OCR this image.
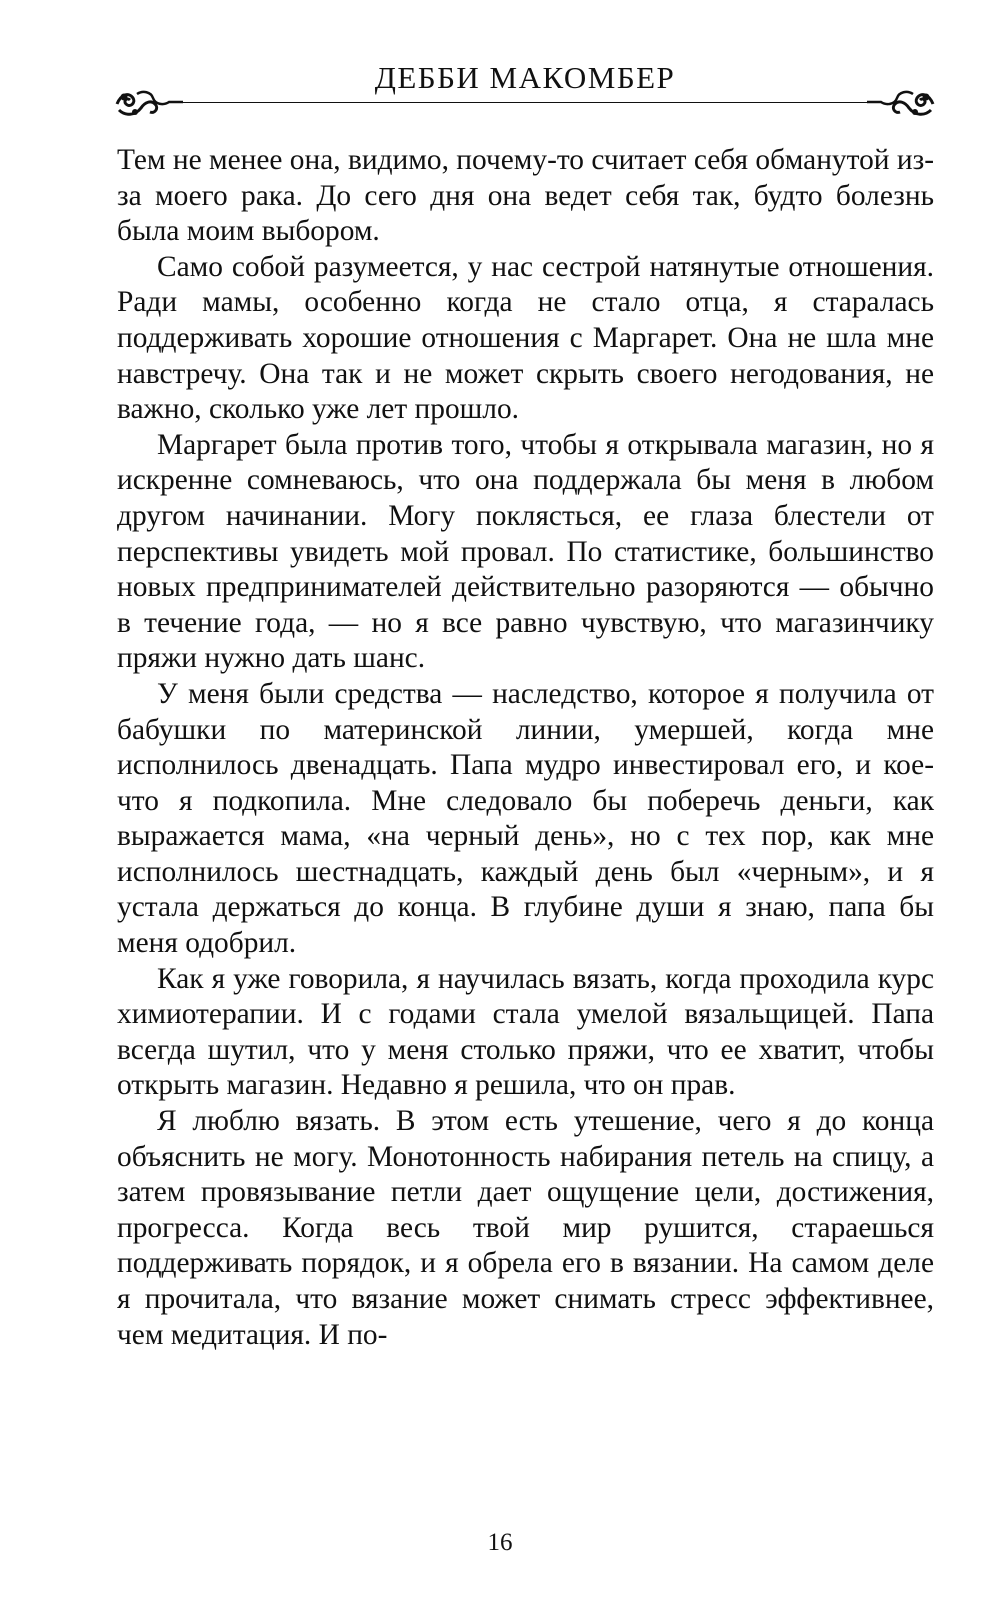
ДЕББИ МАКОМБЕР

Тем не менее она, видимо, почему-то считает себя обманутой из-за моего рака. До сего дня она ведет себя так, будто болезнь была моим выбором.

Само собой разумеется, у нас сестрой натянутые отношения. Ради мамы, особенно когда не стало отца, я старалась поддерживать хорошие отношения с Маргарет. Она не шла мне навстречу. Она так и не может скрыть своего негодования, не важно, сколько уже лет прошло.

Маргарет была против того, чтобы я открывала магазин, но я искренне сомневаюсь, что она поддержала бы меня в любом другом начинании. Могу поклясться, ее глаза блестели от перспективы увидеть мой провал. По статистике, большинство новых предпринимателей действительно разоряются — обычно в течение года, — но я все равно чувствую, что магазинчику пряжи нужно дать шанс.

У меня были средства — наследство, которое я получила от бабушки по материнской линии, умершей, когда мне исполнилось двенадцать. Папа мудро инвестировал его, и кое-что я подкопила. Мне следовало бы поберечь деньги, как выражается мама, «на черный день», но с тех пор, как мне исполнилось шестнадцать, каждый день был «черным», и я устала держаться до конца. В глубине души я знаю, папа бы меня одобрил.

Как я уже говорила, я научилась вязать, когда проходила курс химиотерапии. И с годами стала умелой вязальщицей. Папа всегда шутил, что у меня столько пряжи, что ее хватит, чтобы открыть магазин. Недавно я решила, что он прав.

Я люблю вязать. В этом есть утешение, чего я до конца объяснить не могу. Монотонность набирания петель на спицу, а затем провязывание петли дает ощущение цели, достижения, прогресса. Когда весь твой мир рушится, стараешься поддерживать порядок, и я обрела его в вязании. На самом деле я прочитала, что вязание может снимать стресс эффективнее, чем медитация. И по-

16
